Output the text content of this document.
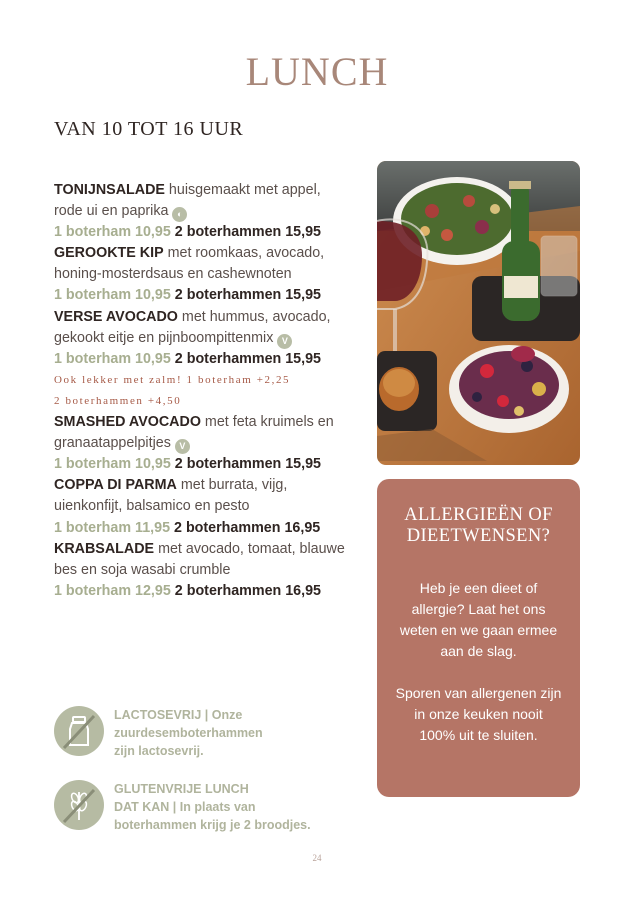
LUNCH
VAN 10 TOT 16 UUR
TONIJNSALADE huisgemaakt met appel,
rode ui en paprika ◐
1 boterham 10,95 2 boterhammen 15,95
GEROOKTE KIP met roomkaas, avocado,
honing-mosterdsaus en cashewnoten
1 boterham 10,95 2 boterhammen 15,95
VERSE AVOCADO met hummus, avocado,
gekookt eitje en pijnboompittenmix V
1 boterham 10,95 2 boterhammen 15,95
Ook lekker met zalm! 1 boterham +2,25
2 boterhammen +4,50
SMASHED AVOCADO met feta kruimels en
granaatappelpitjes V
1 boterham 10,95 2 boterhammen 15,95
COPPA DI PARMA met burrata, vijg,
uienkonfijt, balsamico en pesto
1 boterham 11,95 2 boterhammen 16,95
KRABSALADE met avocado, tomaat, blauwe
bes en soja wasabi crumble
1 boterham 12,95 2 boterhammen 16,95
ALLERGIEËN OF
DIEETWENSEN?

Heb je een dieet of allergie? Laat het ons weten en we gaan ermee aan de slag.

Sporen van allergenen zijn in onze keuken nooit 100% uit te sluiten.

LACTOSEVRIJ | Onze
zuurdesemboterhammen
zijn lactosevrij.
GLUTENVRIJE LUNCH
DAT KAN | In plaats van
boterhammen krijg je 2 broodjes.
24
